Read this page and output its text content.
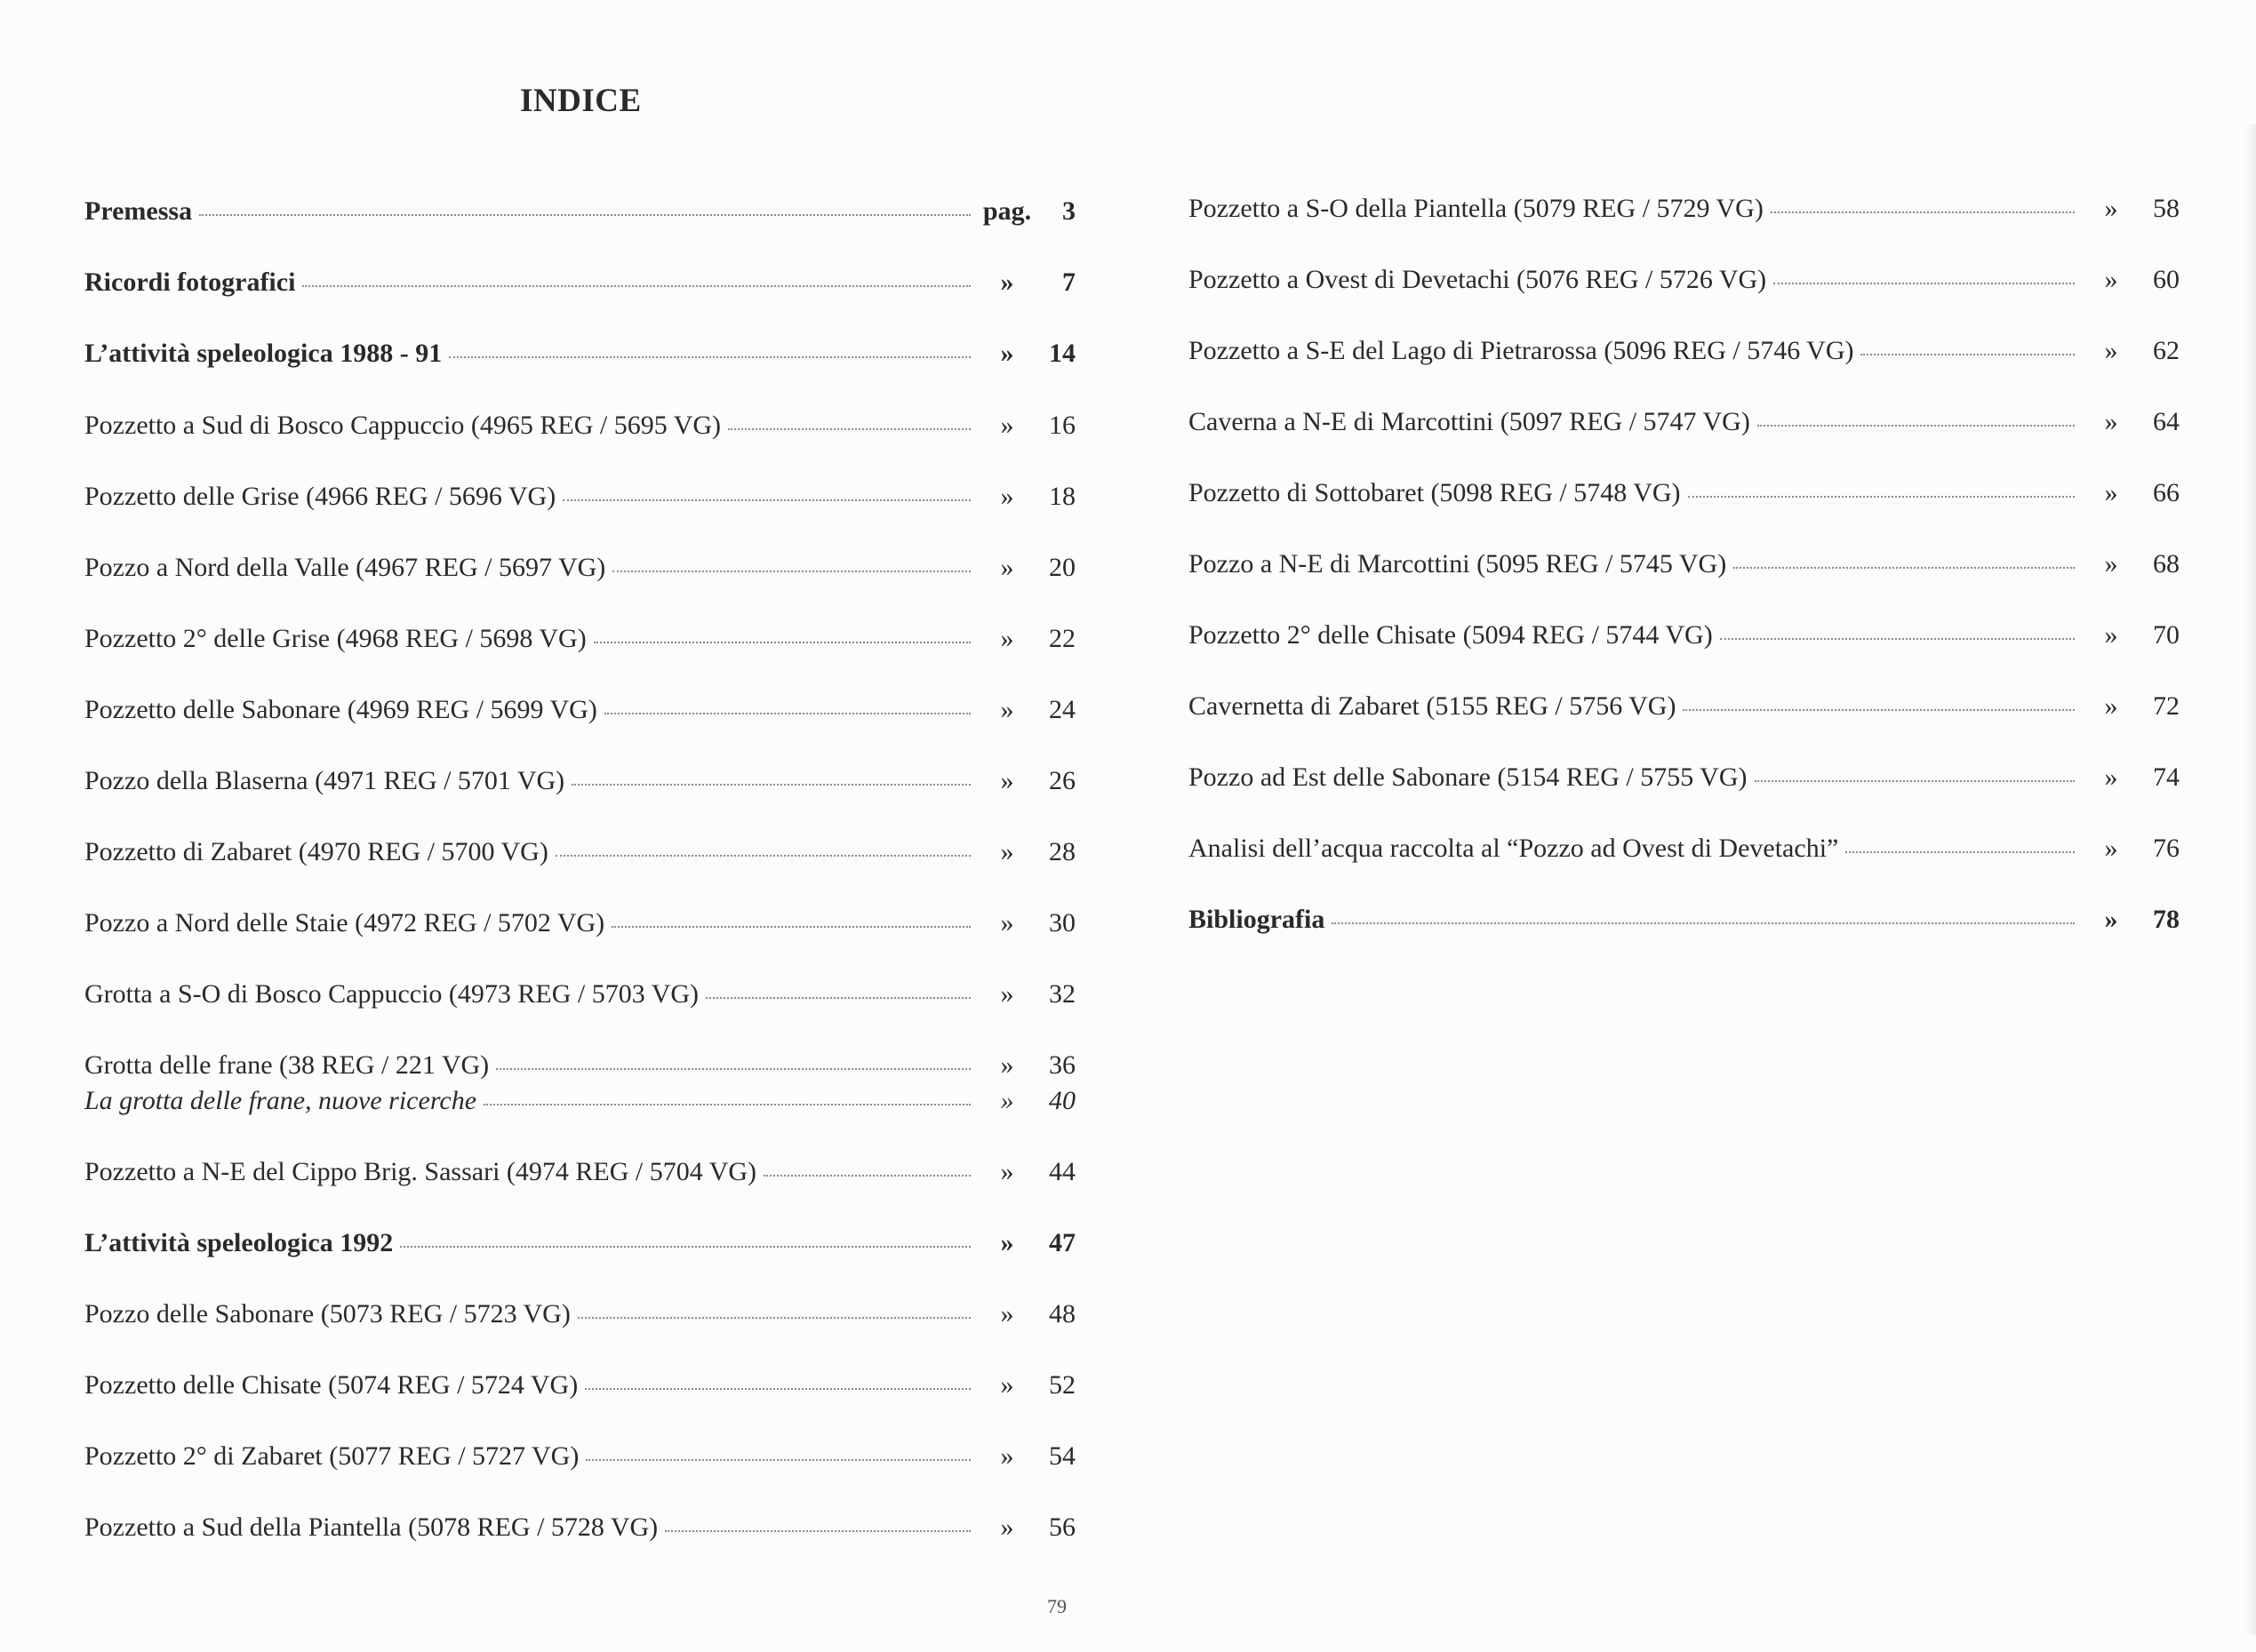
INDICE
Premessa	pag.	3
Ricordi fotografici	»	7
L’attività speleologica 1988 - 91	»	14
Pozzetto a Sud di Bosco Cappuccio (4965 REG / 5695 VG)	»	16
Pozzetto delle Grise (4966 REG / 5696 VG)	»	18
Pozzo a Nord della Valle (4967 REG / 5697 VG)	»	20
Pozzetto 2° delle Grise (4968 REG / 5698 VG)	»	22
Pozzetto delle Sabonare (4969 REG / 5699 VG)	»	24
Pozzo della Blaserna (4971 REG / 5701 VG)	»	26
Pozzetto di Zabaret (4970 REG / 5700 VG)	»	28
Pozzo a Nord delle Staie (4972 REG / 5702 VG)	»	30
Grotta a S-O di Bosco Cappuccio (4973 REG / 5703 VG)	»	32
Grotta delle frane (38 REG / 221 VG)	»	36
La grotta delle frane, nuove ricerche	»	40
Pozzetto a N-E del Cippo Brig. Sassari (4974 REG / 5704 VG)	»	44
L’attività speleologica 1992	»	47
Pozzo delle Sabonare (5073 REG / 5723 VG)	»	48
Pozzetto delle Chisate (5074 REG / 5724 VG)	»	52
Pozzetto 2° di Zabaret (5077 REG / 5727 VG)	»	54
Pozzetto a Sud della Piantella (5078 REG / 5728 VG)	»	56
Pozzetto a S-O della Piantella (5079 REG / 5729 VG)	»	58
Pozzetto a Ovest di Devetachi (5076 REG / 5726 VG)	»	60
Pozzetto a S-E del Lago di Pietrarossa (5096 REG / 5746 VG)	»	62
Caverna a N-E di Marcottini (5097 REG / 5747 VG)	»	64
Pozzetto di Sottobaret (5098 REG / 5748 VG)	»	66
Pozzo a N-E di Marcottini (5095 REG / 5745 VG)	»	68
Pozzetto 2° delle Chisate (5094 REG / 5744 VG)	»	70
Cavernetta di Zabaret (5155 REG / 5756 VG)	»	72
Pozzo ad Est delle Sabonare (5154 REG / 5755 VG)	»	74
Analisi dell’acqua raccolta al “Pozzo ad Ovest di Devetachi”	»	76
Bibliografia	»	78
79
